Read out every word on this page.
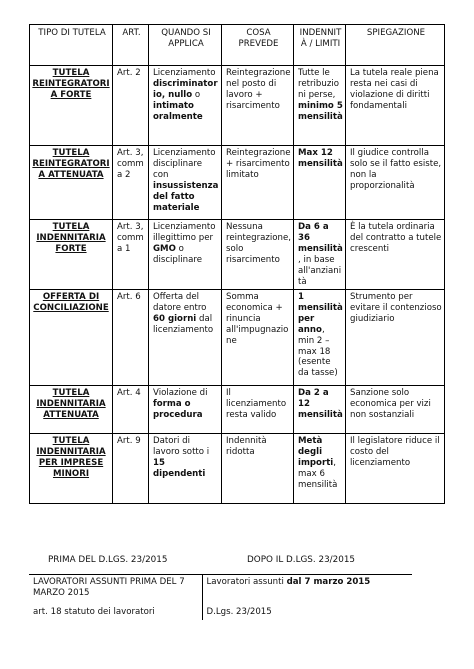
TIPO DI TUTELA	ART.	QUANDO SI APPLICA	COSA PREVEDE	INDENNITÀ / LIMITI	SPIEGAZIONE
TUTELA REINTEGRATORIA FORTE	Art. 2	Licenziamento discriminatorio, nullo o intimato oralmente	Reintegrazione nel posto di lavoro + risarcimento	Tutte le retribuzioni perse, minimo 5 mensilità	La tutela reale piena resta nei casi di violazione di diritti fondamentali
TUTELA REINTEGRATORIA ATTENUATA	Art. 3, comma 2	Licenziamento disciplinare con insussistenza del fatto materiale	Reintegrazione + risarcimento limitato	Max 12 mensilità	Il giudice controlla solo se il fatto esiste, non la proporzionalità
TUTELA INDENNITARIA FORTE	Art. 3, comma 1	Licenziamento illegittimo per GMO o disciplinare	Nessuna reintegrazione, solo risarcimento	Da 6 a 36 mensilità, in base all'anzianità	È la tutela ordinaria del contratto a tutele crescenti
OFFERTA DI CONCILIAZIONE	Art. 6	Offerta del datore entro 60 giorni dal licenziamento	Somma economica + rinuncia all'impugnazione	1 mensilità per anno, min 2 – max 18 (esente da tasse)	Strumento per evitare il contenzioso giudiziario
TUTELA INDENNITARIA ATTENUATA	Art. 4	Violazione di forma o procedura	Il licenziamento resta valido	Da 2 a 12 mensilità	Sanzione solo economica per vizi non sostanziali
TUTELA INDENNITARIA PER IMPRESE MINORI	Art. 9	Datori di lavoro sotto i 15 dipendenti	Indennità ridotta	Metà degli importi, max 6 mensilità	Il legislatore riduce il costo del licenziamento
PRIMA DEL D.LGS. 23/2015	DOPO IL D.LGS. 23/2015
LAVORATORI ASSUNTI PRIMA DEL 7 MARZO 2015	Lavoratori assunti dal 7 marzo 2015
art. 18 statuto dei lavoratori	D.Lgs. 23/2015
